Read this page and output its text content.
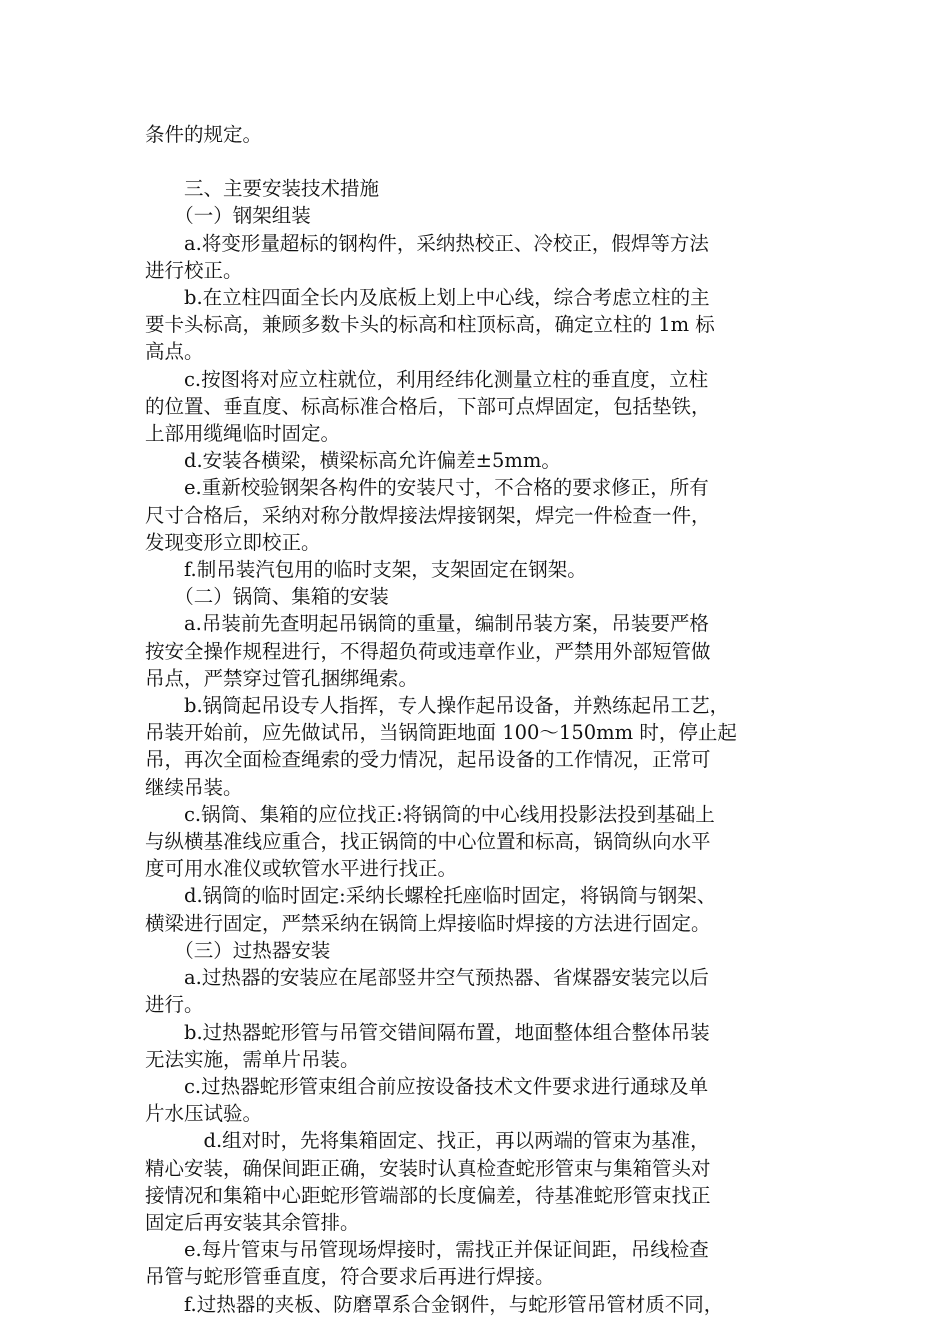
条件的规定。

　　三、主要安装技术措施

　　（一）钢架组装

　　a.将变形量超标的钢构件，采纳热校正、冷校正，假焊等方法

进行校正。

　　b.在立柱四面全长内及底板上划上中心线，综合考虑立柱的主

要卡头标高，兼顾多数卡头的标高和柱顶标高，确定立柱的 1m 标

高点。

　　c.按图将对应立柱就位，利用经纬化测量立柱的垂直度，立柱

的位置、垂直度、标高标准合格后，下部可点焊固定，包括垫铁，

上部用缆绳临时固定。

　　d.安装各横梁，横梁标高允许偏差±5mm。

　　e.重新校验钢架各构件的安装尺寸，不合格的要求修正，所有

尺寸合格后，采纳对称分散焊接法焊接钢架，焊完一件检查一件，

发现变形立即校正。

　　f.制吊装汽包用的临时支架，支架固定在钢架。

　　（二）锅筒、集箱的安装

　　a.吊装前先查明起吊锅筒的重量，编制吊装方案，吊装要严格

按安全操作规程进行，不得超负荷或违章作业，严禁用外部短管做

吊点，严禁穿过管孔捆绑绳索。

　　b.锅筒起吊设专人指挥，专人操作起吊设备，并熟练起吊工艺，

吊装开始前，应先做试吊，当锅筒距地面 100～150mm 时，停止起

吊，再次全面检查绳索的受力情况，起吊设备的工作情况，正常可

继续吊装。

　　c.锅筒、集箱的应位找正:将锅筒的中心线用投影法投到基础上

与纵横基准线应重合，找正锅筒的中心位置和标高，锅筒纵向水平

度可用水准仪或软管水平进行找正。

　　d.锅筒的临时固定:采纳长螺栓托座临时固定，将锅筒与钢架、

横梁进行固定，严禁采纳在锅筒上焊接临时焊接的方法进行固定。

　　（三）过热器安装

　　a.过热器的安装应在尾部竖井空气预热器、省煤器安装完以后

进行。

　　b.过热器蛇形管与吊管交错间隔布置，地面整体组合整体吊装

无法实施，需单片吊装。

　　c.过热器蛇形管束组合前应按设备技术文件要求进行通球及单

片水压试验。

　　　d.组对时，先将集箱固定、找正，再以两端的管束为基准，

精心安装，确保间距正确，安装时认真检查蛇形管束与集箱管头对

接情况和集箱中心距蛇形管端部的长度偏差，待基准蛇形管束找正

固定后再安装其余管排。

　　e.每片管束与吊管现场焊接时，需找正并保证间距，吊线检查

吊管与蛇形管垂直度，符合要求后再进行焊接。

　　f.过热器的夹板、防磨罩系合金钢件，与蛇形管吊管材质不同，
